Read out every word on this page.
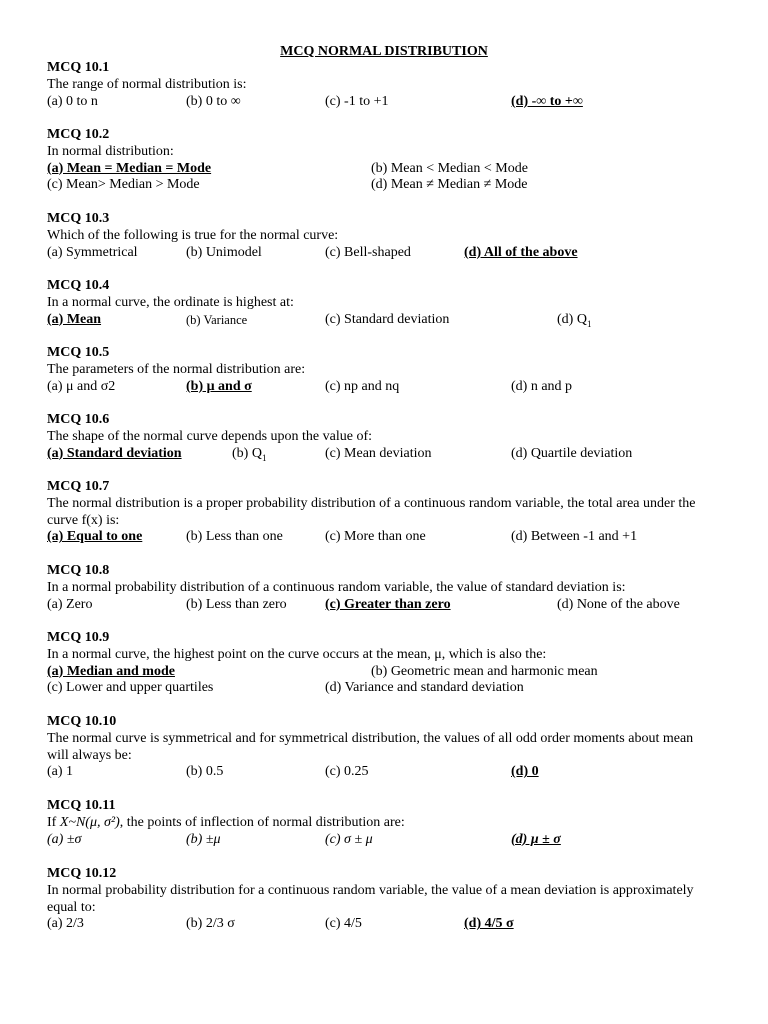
MCQ NORMAL DISTRIBUTION
MCQ 10.1
The range of normal distribution is:
(a) 0 to n	(b) 0 to ∞	(c) -1 to +1	(d) -∞ to +∞
MCQ 10.2
In normal distribution:
(a) Mean = Median = Mode	(b) Mean < Median < Mode
(c) Mean> Median > Mode	(d) Mean ≠ Median ≠ Mode
MCQ 10.3
Which of the following is true for the normal curve:
(a) Symmetrical	(b) Unimodel	(c) Bell-shaped	(d) All of the above
MCQ 10.4
In a normal curve, the ordinate is highest at:
(a) Mean	(b) Variance	(c) Standard deviation	(d) $Q_1$
MCQ 10.5
The parameters of the normal distribution are:
(a) μ and σ2	(b) μ and σ	(c) np and nq	(d) n and p
MCQ 10.6
The shape of the normal curve depends upon the value of:
(a) Standard deviation	(b) $Q_1$	(c) Mean deviation	(d) Quartile deviation
MCQ 10.7
The normal distribution is a proper probability distribution of a continuous random variable, the total area under the curve f(x) is:
(a) Equal to one	(b) Less than one	(c) More than one	(d) Between -1 and +1
MCQ 10.8
In a normal probability distribution of a continuous random variable, the value of standard deviation is:
(a) Zero	(b) Less than zero	(c) Greater than zero	(d) None of the above
MCQ 10.9
In a normal curve, the highest point on the curve occurs at the mean, μ, which is also the:
(a) Median and mode	(b) Geometric mean and harmonic mean
(c) Lower and upper quartiles	(d) Variance and standard deviation
MCQ 10.10
The normal curve is symmetrical and for symmetrical distribution, the values of all odd order moments about mean will always be:
(a) 1	(b) 0.5	(c) 0.25	(d) 0
MCQ 10.11
If X~N(μ, σ²), the points of inflection of normal distribution are:
(a) ±σ	(b) ±μ	(c) σ ± μ	(d) μ ± σ
MCQ 10.12
In normal probability distribution for a continuous random variable, the value of a mean deviation is approximately equal to:
(a) 2/3	(b) 2/3 σ	(c) 4/5	(d) 4/5 σ
